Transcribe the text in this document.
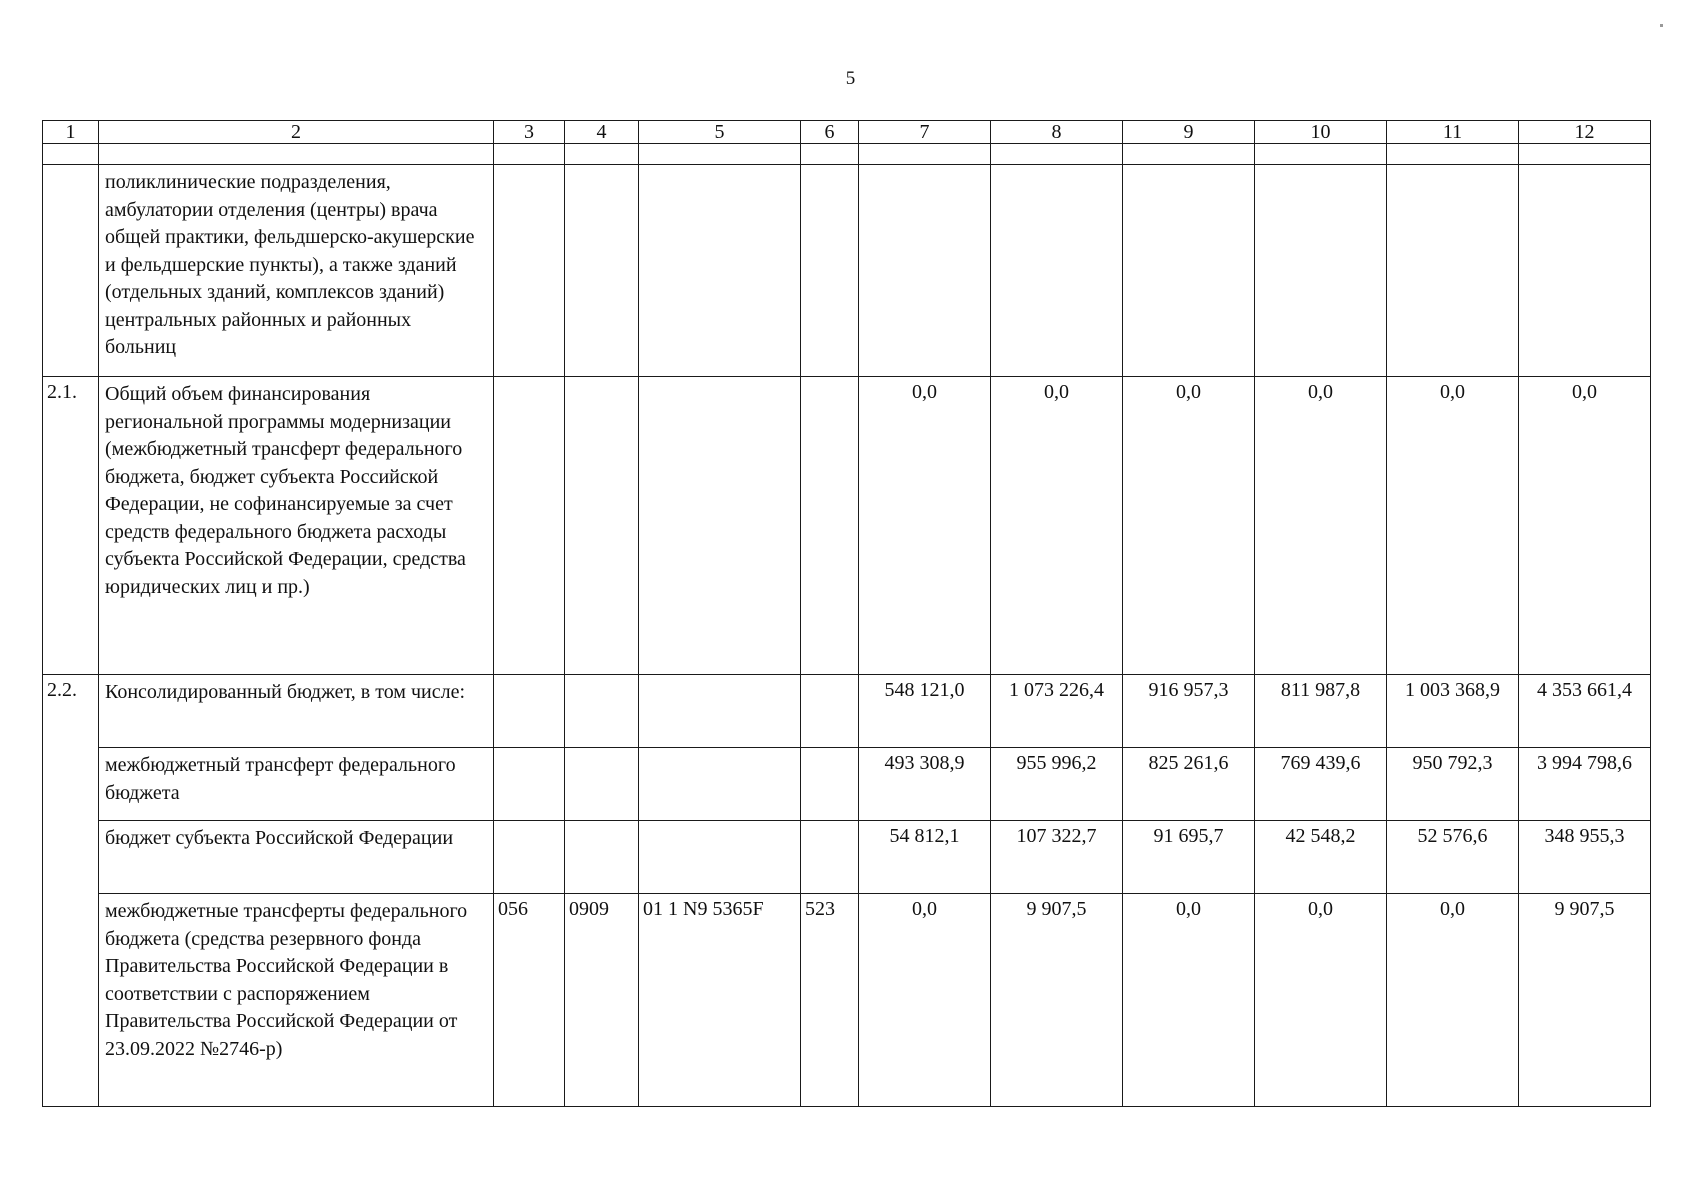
5
1	2	3	4	5	6	7	8	9	10	11	12

	поликлинические подразделения, амбулатории отделения (центры) врача общей практики, фельдшерско-акушерские и фельдшерские пункты), а также зданий (отдельных зданий, комплексов зданий) центральных районных и районных больниц										
2.1.	Общий объем финансирования региональной программы модернизации (межбюджетный трансферт федерального бюджета, бюджет субъекта Российской Федерации, не софинансируемые за счет средств федерального бюджета расходы субъекта Российской Федерации, средства юридических лиц и пр.)					0,0	0,0	0,0	0,0	0,0	0,0
2.2.	Консолидированный бюджет, в том числе:					548 121,0	1 073 226,4	916 957,3	811 987,8	1 003 368,9	4 353 661,4
	межбюджетный трансферт федерального бюджета					493 308,9	955 996,2	825 261,6	769 439,6	950 792,3	3 994 798,6
	бюджет субъекта Российской Федерации					54 812,1	107 322,7	91 695,7	42 548,2	52 576,6	348 955,3
	межбюджетные трансферты федерального бюджета (средства резервного фонда Правительства Российской Федерации в соответствии с распоряжением Правительства Российской Федерации от 23.09.2022 №2746-р)	056	0909	01 1 N9 5365F	523	0,0	9 907,5	0,0	0,0	0,0	9 907,5
